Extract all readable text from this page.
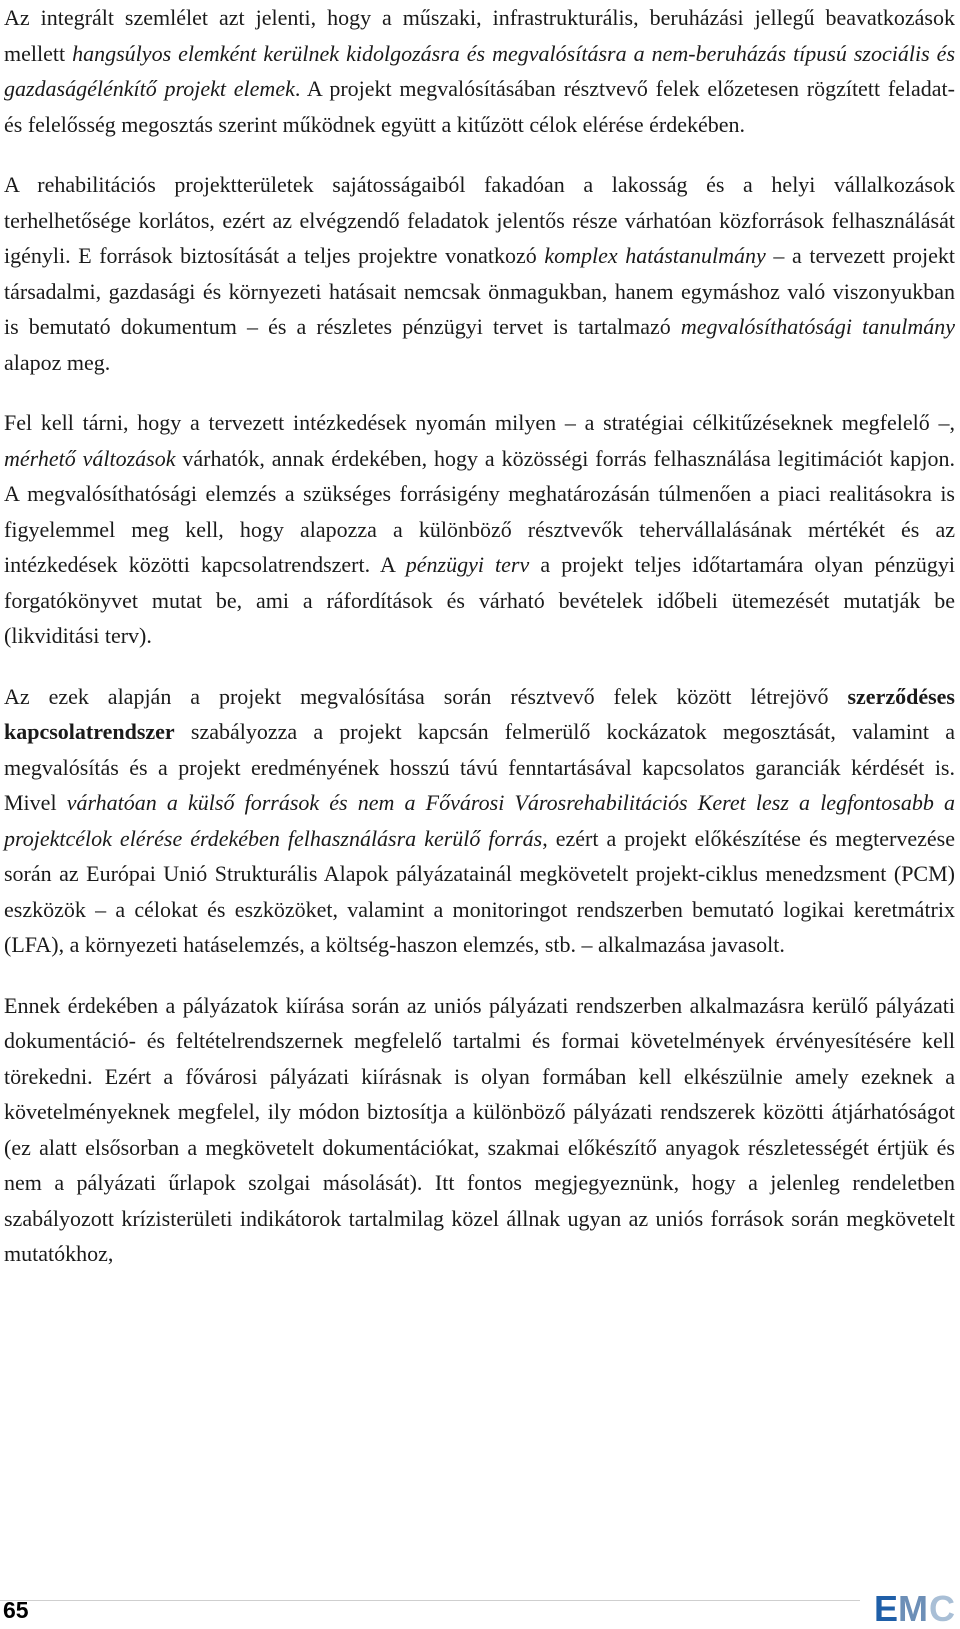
Az integrált szemlélet azt jelenti, hogy a műszaki, infrastrukturális, beruházási jellegű beavatkozások mellett hangsúlyos elemként kerülnek kidolgozásra és megvalósításra a nem-beruházás típusú szociális és gazdaságélénkítő projekt elemek. A projekt megvalósításában résztvevő felek előzetesen rögzített feladat- és felelősség megosztás szerint működnek együtt a kitűzött célok elérése érdekében.

A rehabilitációs projektterületek sajátosságaiból fakadóan a lakosság és a helyi vállalkozások terhelhetősége korlátos, ezért az elvégzendő feladatok jelentős része várhatóan közforrások felhasználását igényli. E források biztosítását a teljes projektre vonatkozó komplex hatástanulmány – a tervezett projekt társadalmi, gazdasági és környezeti hatásait nemcsak önmagukban, hanem egymáshoz való viszonyukban is bemutató dokumentum – és a részletes pénzügyi tervet is tartalmazó megvalósíthatósági tanulmány alapoz meg.

Fel kell tárni, hogy a tervezett intézkedések nyomán milyen – a stratégiai célkitűzéseknek megfelelő –, mérhető változások várhatók, annak érdekében, hogy a közösségi forrás felhasználása legitimációt kapjon. A megvalósíthatósági elemzés a szükséges forrásigény meghatározásán túlmenően a piaci realitásokra is figyelemmel meg kell, hogy alapozza a különböző résztvevők tehervállalásának mértékét és az intézkedések közötti kapcsolatrendszert. A pénzügyi terv a projekt teljes időtartamára olyan pénzügyi forgatókönyvet mutat be, ami a ráfordítások és várható bevételek időbeli ütemezését mutatják be (likviditási terv).

Az ezek alapján a projekt megvalósítása során résztvevő felek között létrejövő szerződéses kapcsolatrendszer szabályozza a projekt kapcsán felmerülő kockázatok megosztását, valamint a megvalósítás és a projekt eredményének hosszú távú fenntartásával kapcsolatos garanciák kérdését is. Mivel várhatóan a külső források és nem a Fővárosi Városrehabilitációs Keret lesz a legfontosabb a projektcélok elérése érdekében felhasználásra kerülő forrás, ezért a projekt előkészítése és megtervezése során az Európai Unió Strukturális Alapok pályázatainál megkövetelt projekt-ciklus menedzsment (PCM) eszközök – a célokat és eszközöket, valamint a monitoringot rendszerben bemutató logikai keretmátrix (LFA), a környezeti hatáselemzés, a költség-haszon elemzés, stb. – alkalmazása javasolt.

Ennek érdekében a pályázatok kiírása során az uniós pályázati rendszerben alkalmazásra kerülő pályázati dokumentáció- és feltételrendszernek megfelelő tartalmi és formai követelmények érvényesítésére kell törekedni. Ezért a fővárosi pályázati kiírásnak is olyan formában kell elkészülnie amely ezeknek a követelményeknek megfelel, ily módon biztosítja a különböző pályázati rendszerek közötti átjárhatóságot (ez alatt elsősorban a megkövetelt dokumentációkat, szakmai előkészítő anyagok részletességét értjük és nem a pályázati űrlapok szolgai másolását). Itt fontos megjegyeznünk, hogy a jelenleg rendeletben szabályozott krízisterületi indikátorok tartalmilag közel állnak ugyan az uniós források során megkövetelt mutatókhoz,

65	E M C
